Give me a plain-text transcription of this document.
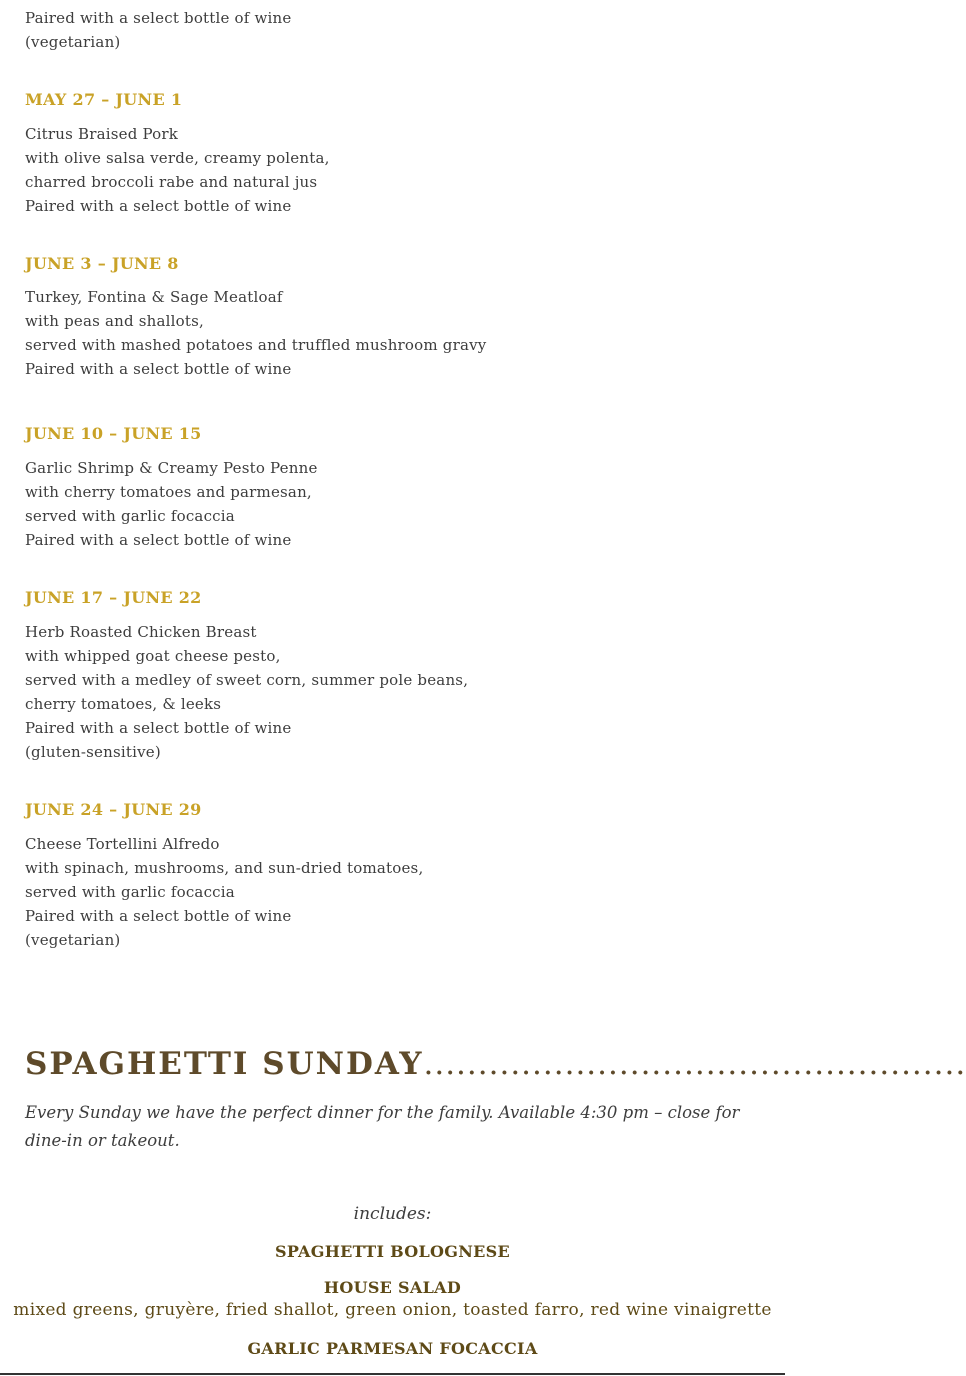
Paired with a select bottle of wine
(vegetarian)
MAY 27 – JUNE 1
Citrus Braised Pork
with olive salsa verde, creamy polenta,
charred broccoli rabe and natural jus
Paired with a select bottle of wine
JUNE 3 – JUNE 8
Turkey, Fontina & Sage Meatloaf
with peas and shallots,
served with mashed potatoes and truffled mushroom gravy
Paired with a select bottle of wine
JUNE 10 – JUNE 15
Garlic Shrimp & Creamy Pesto Penne
with cherry tomatoes and parmesan,
served with garlic focaccia
Paired with a select bottle of wine
JUNE 17 – JUNE 22
Herb Roasted Chicken Breast
with whipped goat cheese pesto,
served with a medley of sweet corn, summer pole beans,
cherry tomatoes, & leeks
Paired with a select bottle of wine
(gluten-sensitive)
JUNE 24 – JUNE 29
Cheese Tortellini Alfredo
with spinach, mushrooms, and sun-dried tomatoes,
served with garlic focaccia
Paired with a select bottle of wine
(vegetarian)
SPAGHETTI SUNDAY..................................................
Every Sunday we have the perfect dinner for the family. Available 4:30 pm – close for dine-in or takeout.
includes:
SPAGHETTI BOLOGNESE
HOUSE SALAD
mixed greens, gruyère, fried shallot, green onion, toasted farro, red wine vinaigrette
GARLIC PARMESAN FOCACCIA
